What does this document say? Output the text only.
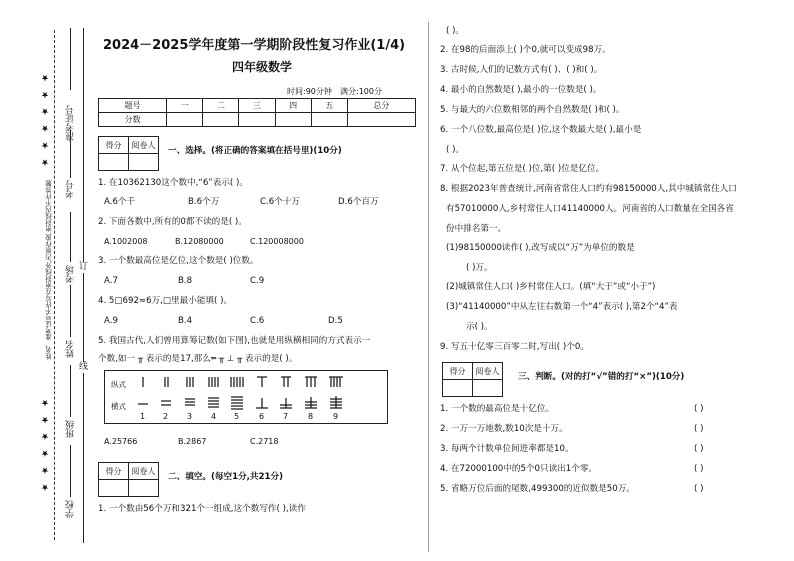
★ ★ ★ ★ ★ ★
★ ★ ★ ★ ★ ★
姓名、准考证号不许写在密封线外,否则作废,密封线内不许答题
准考证号
考号
考场
姓名
班级
学校
订
线
2024－2025学年度第一学期阶段性复习作业(1/4)
四年级数学
时间:90分钟 满分:100分
题号	一	二	三	四	五	总分
分数						
得分	阅卷人

一、选择。(将正确的答案填在括号里)(10分)
1. 在10362130这个数中,“6”表示( )。
A.6个千	B.6个万	C.6个十万	D.6个百万
2. 下面各数中,所有的0都不读的是( )。
A.1002008	B.12080000	C.120008000
3. 一个数最高位是亿位,这个数是( )位数。
A.7	B.8	C.9
4. 5□692≈6万,□里最小能填( )。
A.9	B.4	C.6	D.5
5. 我国古代,人们曾用算筹记数(如下图),也就是用纵横相同的方式表示一
个数,如一 ╥ 表示的是17,那么═ ╥ ⊥ ╥ 表示的是( )。
纵式
横式
1 2 3 4 5 6 7 8 9
A.25766	B.2867	C.2718
得分	阅卷人

二、填空。(每空1分,共21分)
1. 一个数由56个万和321个一组成,这个数写作( ),读作
( )。
2. 在98的后面添上( )个0,就可以变成98万。
3. 古时候,人们的记数方式有( )、( )和( )。
4. 最小的自然数是( ),最小的一位数是( )。
5. 与最大的六位数相邻的两个自然数是( )和( )。
6. 一个八位数,最高位是( )位,这个数最大是( ),最小是
( )。
7. 从个位起,第五位是( )位,第( )位是亿位。
8. 根据2023年普查统计,河南省常住人口约有98150000人,其中城镇常住人口
有57010000人,乡村常住人口41140000人。河南省的人口数量在全国各省
份中排名第一。
(1)98150000读作( ),改写成以“万”为单位的数是
( )万。
(2)城镇常住人口( )乡村常住人口。(填“大于”或“小于”)
(3)“41140000”中从左往右数第一个“4”表示( ),第2个“4”表
示( )。
9. 写五十亿零三百零二时,写出( )个0。
得分	阅卷人

三、判断。(对的打“√”错的打“×”)(10分)
1. 一个数的最高位是十亿位。	( )
2. 一万一万地数,数10次是十万。	( )
3. 每两个计数单位间进率都是10。	( )
4. 在72000100中的5个0只读出1个零。	( )
5. 省略万位后面的尾数,499300的近似数是50万。	( )
